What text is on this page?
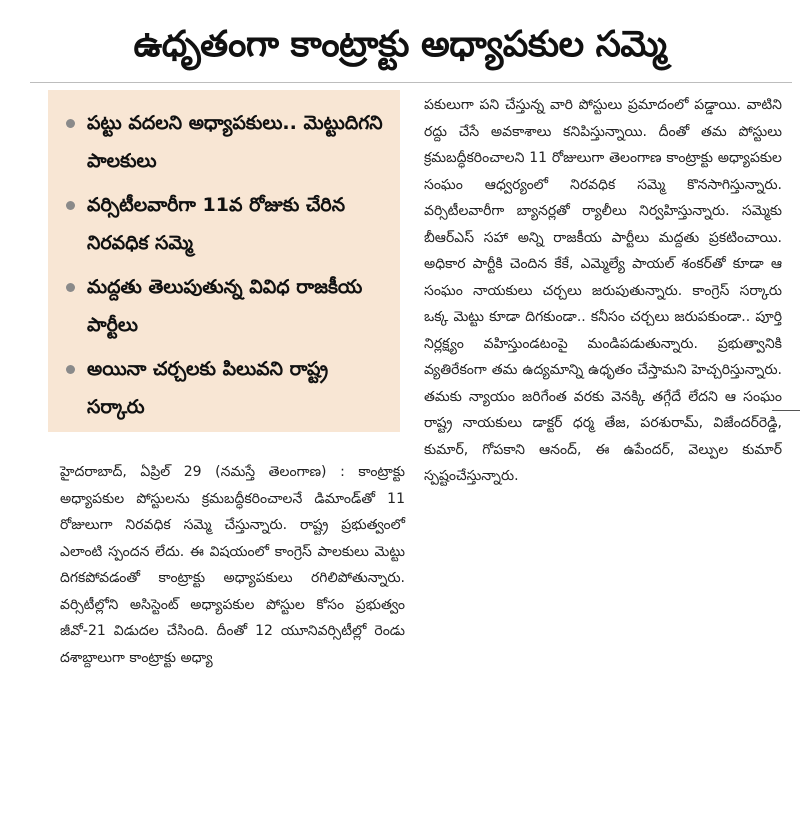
ఉధృతంగా కాంట్రాక్టు అధ్యాపకుల సమ్మె
పట్టు వదలని అధ్యాపకులు.. మెట్టుదిగని పాలకులు
వర్సిటీలవారీగా 11వ రోజుకు చేరిన నిరవధిక సమ్మె
మద్దతు తెలుపుతున్న వివిధ రాజకీయ పార్టీలు
అయినా చర్చలకు పిలువని రాష్ట్ర సర్కారు
హైదరాబాద్, ఏప్రిల్ 29 (నమస్తే తెలంగాణ) : కాంట్రాక్టు అధ్యాపకుల పోస్టులను క్రమబద్ధీకరించాలనే డిమాండ్‌తో 11 రోజులుగా నిరవధిక సమ్మె చేస్తున్నారు. రాష్ట్ర ప్రభుత్వంలో ఎలాంటి స్పందన లేదు. ఈ విషయంలో కాంగ్రెస్ పాలకులు మెట్టు దిగకపోవడంతో కాంట్రాక్టు అధ్యాపకులు రగిలిపోతున్నారు. వర్సిటీల్లోని అసిస్టెంట్ అధ్యాపకుల పోస్టుల కోసం ప్రభుత్వం జీవో-21 విడుదల చేసింది. దీంతో 12 యూనివర్సిటీల్లో రెండు దశాబ్దాలుగా కాంట్రాక్టు అధ్యా
పకులుగా పని చేస్తున్న వారి పోస్టులు ప్రమాదంలో పడ్డాయి. వాటిని రద్దు చేసే అవకాశాలు కనిపిస్తున్నాయి. దీంతో తమ పోస్టులు క్రమబద్ధీకరించాలని 11 రోజులుగా తెలంగాణ కాంట్రాక్టు అధ్యాపకుల సంఘం ఆధ్వర్యంలో నిరవధిక సమ్మె కొనసాగిస్తున్నారు. వర్సిటీలవారీగా బ్యానర్లతో ర్యాలీలు నిర్వహిస్తున్నారు. సమ్మెకు బీఆర్ఎస్ సహా అన్ని రాజకీయ పార్టీలు మద్దతు ప్రకటించాయి. అధికార పార్టీకి చెందిన కేకే, ఎమ్మెల్యే పాయల్ శంకర్‌తో కూడా ఆ సంఘం నాయకులు చర్చలు జరుపుతున్నారు. కాంగ్రెస్ సర్కారు ఒక్క మెట్టు కూడా దిగకుండా.. కనీసం చర్చలు జరుపకుండా.. పూర్తి నిర్లక్ష్యం వహిస్తుండటంపై మండిపడుతున్నారు. ప్రభుత్వానికి వ్యతిరేకంగా తమ ఉద్యమాన్ని ఉధృతం చేస్తామని హెచ్చరిస్తున్నారు. తమకు న్యాయం జరిగేంత వరకు వెనక్కి తగ్గేదే లేదని ఆ సంఘం రాష్ట్ర నాయకులు డాక్టర్ ధర్మ తేజ, పరశురామ్, విజేందర్‌రెడ్డి, కుమార్, గోపకాని ఆనంద్, ఈ ఉపేందర్, వెల్పుల కుమార్ స్పష్టంచేస్తున్నారు.
